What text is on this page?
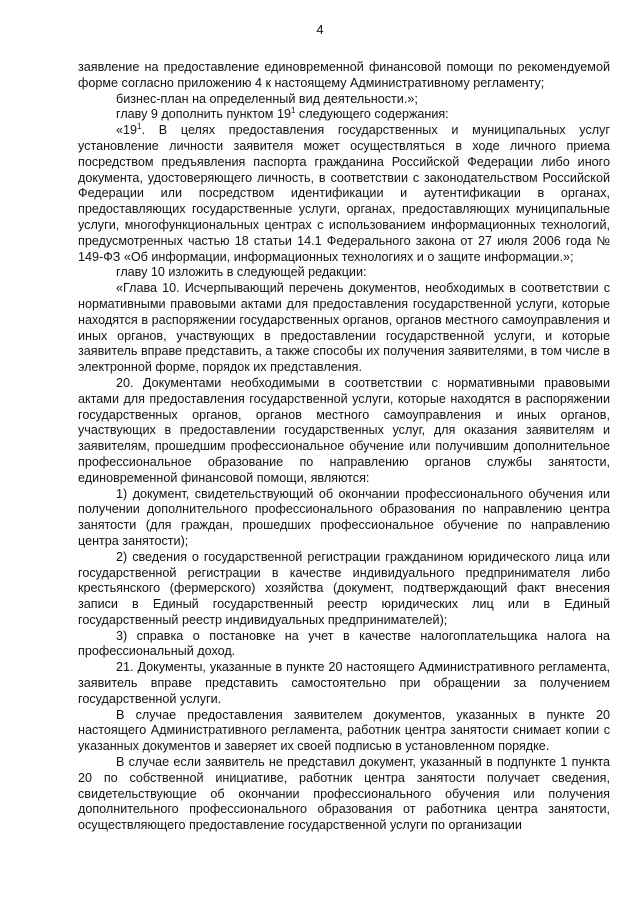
4

заявление на предоставление единовременной финансовой помощи по рекомендуемой форме согласно приложению 4 к настоящему Административному регламенту;

бизнес-план на определенный вид деятельности.»;

главу 9 дополнить пунктом $19^1$ следующего содержания:

«$19^1$. В целях предоставления государственных и муниципальных услуг установление личности заявителя может осуществляться в ходе личного приема посредством предъявления паспорта гражданина Российской Федерации либо иного документа, удостоверяющего личность, в соответствии с законодательством Российской Федерации или посредством идентификации и аутентификации в органах, предоставляющих государственные услуги, органах, предоставляющих муниципальные услуги, многофункциональных центрах с использованием информационных технологий, предусмотренных частью 18 статьи 14.1 Федерального закона от 27 июля 2006 года № 149-ФЗ «Об информации, информационных технологиях и о защите информации.»;

главу 10 изложить в следующей редакции:

«Глава 10. Исчерпывающий перечень документов, необходимых в соответствии с нормативными правовыми актами для предоставления государственной услуги, которые находятся в распоряжении государственных органов, органов местного самоуправления и иных органов, участвующих в предоставлении государственной услуги, и которые заявитель вправе представить, а также способы их получения заявителями, в том числе в электронной форме, порядок их представления.

20. Документами необходимыми в соответствии с нормативными правовыми актами для предоставления государственной услуги, которые находятся в распоряжении государственных органов, органов местного самоуправления и иных органов, участвующих в предоставлении государственных услуг, для оказания заявителям и заявителям, прошедшим профессиональное обучение или получившим дополнительное профессиональное образование по направлению органов службы занятости, единовременной финансовой помощи, являются:

1) документ, свидетельствующий об окончании профессионального обучения или получении дополнительного профессионального образования по направлению центра занятости (для граждан, прошедших профессиональное обучение по направлению центра занятости);

2) сведения о государственной регистрации гражданином юридического лица или государственной регистрации в качестве индивидуального предпринимателя либо крестьянского (фермерского) хозяйства (документ, подтверждающий факт внесения записи в Единый государственный реестр юридических лиц или в Единый государственный реестр индивидуальных предпринимателей);

3) справка о постановке на учет в качестве налогоплательщика налога на профессиональный доход.

21. Документы, указанные в пункте 20 настоящего Административного регламента, заявитель вправе представить самостоятельно при обращении за получением государственной услуги.

В случае предоставления заявителем документов, указанных в пункте 20 настоящего Административного регламента, работник центра занятости снимает копии с указанных документов и заверяет их своей подписью в установленном порядке.

В случае если заявитель не представил документ, указанный в подпункте 1 пункта 20 по собственной инициативе, работник центра занятости получает сведения, свидетельствующие об окончании профессионального обучения или получения дополнительного профессионального образования от работника центра занятости, осуществляющего предоставление государственной услуги по организации
